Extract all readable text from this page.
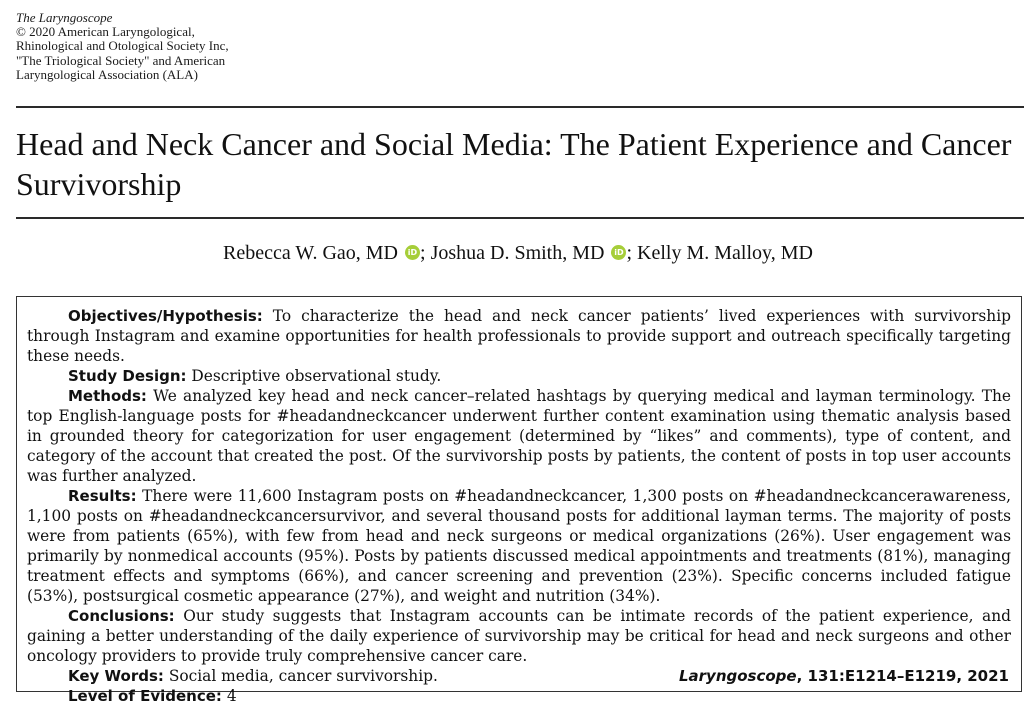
The Laryngoscope
© 2020 American Laryngological,
Rhinological and Otological Society Inc,
"The Triological Society" and American
Laryngological Association (ALA)
Head and Neck Cancer and Social Media: The Patient Experience and Cancer Survivorship
Rebecca W. Gao, MD iD ; Joshua D. Smith, MD iD ; Kelly M. Malloy, MD

Objectives/Hypothesis: To characterize the head and neck cancer patients’ lived experiences with survivorship through Instagram and examine opportunities for health professionals to provide support and outreach specifically targeting these needs.

Study Design: Descriptive observational study.

Methods: We analyzed key head and neck cancer–related hashtags by querying medical and layman terminology. The top English-language posts for #headandneckcancer underwent further content examination using thematic analysis based in grounded theory for categorization for user engagement (determined by “likes” and comments), type of content, and category of the account that created the post. Of the survivorship posts by patients, the content of posts in top user accounts was further analyzed.

Results: There were 11,600 Instagram posts on #headandneckcancer, 1,300 posts on #headandneckcancerawareness, 1,100 posts on #headandneckcancersurvivor, and several thousand posts for additional layman terms. The majority of posts were from patients (65%), with few from head and neck surgeons or medical organizations (26%). User engagement was primarily by nonmedical accounts (95%). Posts by patients discussed medical appointments and treatments (81%), managing treatment effects and symptoms (66%), and cancer screening and prevention (23%). Specific concerns included fatigue (53%), postsurgical cosmetic appearance (27%), and weight and nutrition (34%).

Conclusions: Our study suggests that Instagram accounts can be intimate records of the patient experience, and gaining a better understanding of the daily experience of survivorship may be critical for head and neck surgeons and other oncology providers to provide truly comprehensive cancer care.

Key Words: Social media, cancer survivorship.

Level of Evidence: 4

Laryngoscope, 131:E1214–E1219, 2021
